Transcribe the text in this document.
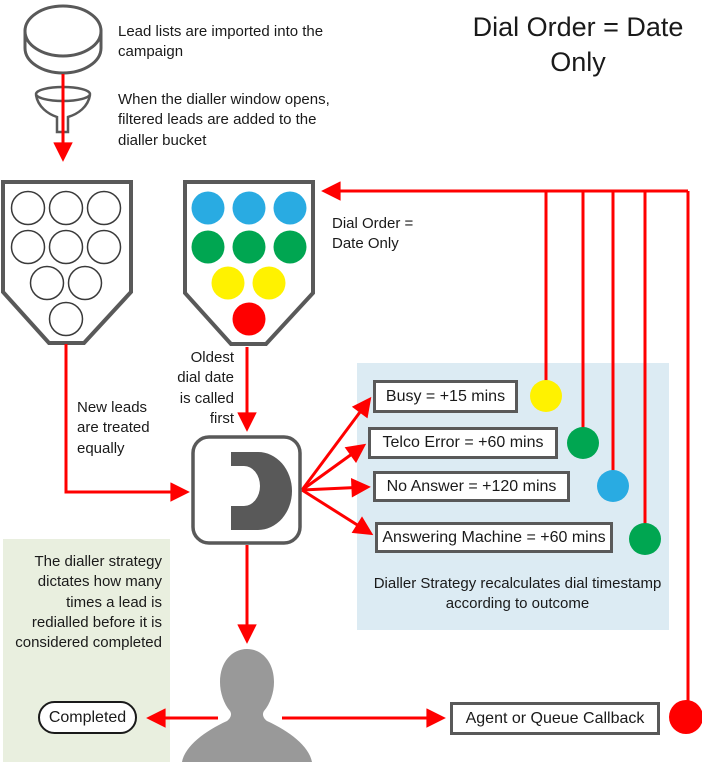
Lead lists are imported into the campaign
When the dialler window opens, filtered leads are added to the dialler bucket
Dial Order = Date Only
Dial Order = Date Only
Oldest dial date is called first
New leads are treated equally
The dialler strategy dictates how many times a lead is redialled before it is considered completed
Dialler Strategy recalculates dial timestamp according to outcome
Busy = +15 mins
Telco Error = +60 mins
No Answer = +120 mins
Answering Machine = +60 mins
Completed	Agent or Queue Callback
